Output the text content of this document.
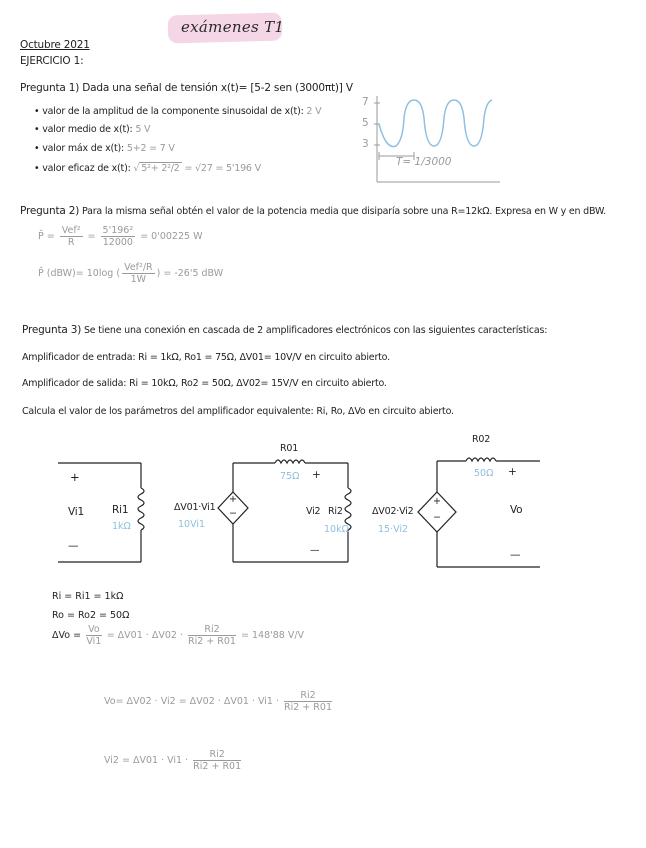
exámenes T1
Octubre 2021
EJERCICIO 1:
Pregunta 1) Dada una señal de tensión x(t)= [5-2 sen (3000πt)] V
• valor de la amplitud de la componente sinusoidal de x(t): 2 V
• valor medio de x(t): 5 V
• valor máx de x(t): 5+2 = 7 V
• valor eficaz de x(t): √ 5²+ 2²/2 = √27 = 5'196 V
7
5
3
T= 1/3000
Pregunta 2) Para la misma señal obtén el valor de la potencia media que disiparía sobre una R=12kΩ. Expresa en W y en dBW.
P̄ = $\frac{\text{Vef²}}{R} = \frac{\text{5'196²}}{12000} = 0'00225$ W
P̄ (dBW)= 10log ( $\frac{\text{Vef²/R}}{1W}$ ) = -26'5 dBW
Pregunta 3) Se tiene una conexión en cascada de 2 amplificadores electrónicos con las siguientes características:
Amplificador de entrada: Ri = 1kΩ, Ro1 = 75Ω, ΔV01= 10V/V en circuito abierto.
Amplificador de salida: Ri = 10kΩ, Ro2 = 50Ω, ΔV02= 15V/V en circuito abierto.
Calcula el valor de los parámetros del amplificador equivalente: Ri, Ro, ΔVo en circuito abierto.
+
Vi1
—
Ri1
1kΩ
ΔV01·Vi1
10Vi1
+
−
R01
75Ω +
—
Vi2 Ri2
10kΩ
ΔV02·Vi2
15·Vi2
+
−
R02
50Ω +
Vo
—
Ri = Ri1 = 1kΩ
Ro = Ro2 = 50Ω
$\Delta Vo = \frac{Vo}{Vi1} = \Delta V01 \cdot \Delta V02 \cdot \frac{Ri2}{Ri2 + R01} = 148'88$ V/V
$Vo= \Delta V02 \cdot Vi2 = \Delta V02 \cdot \Delta V01 \cdot Vi1 \cdot \frac{Ri2}{Ri2 + R01}$
$Vi2 = \Delta V01 \cdot Vi1 \cdot \frac{Ri2}{Ri2 + R01}$
